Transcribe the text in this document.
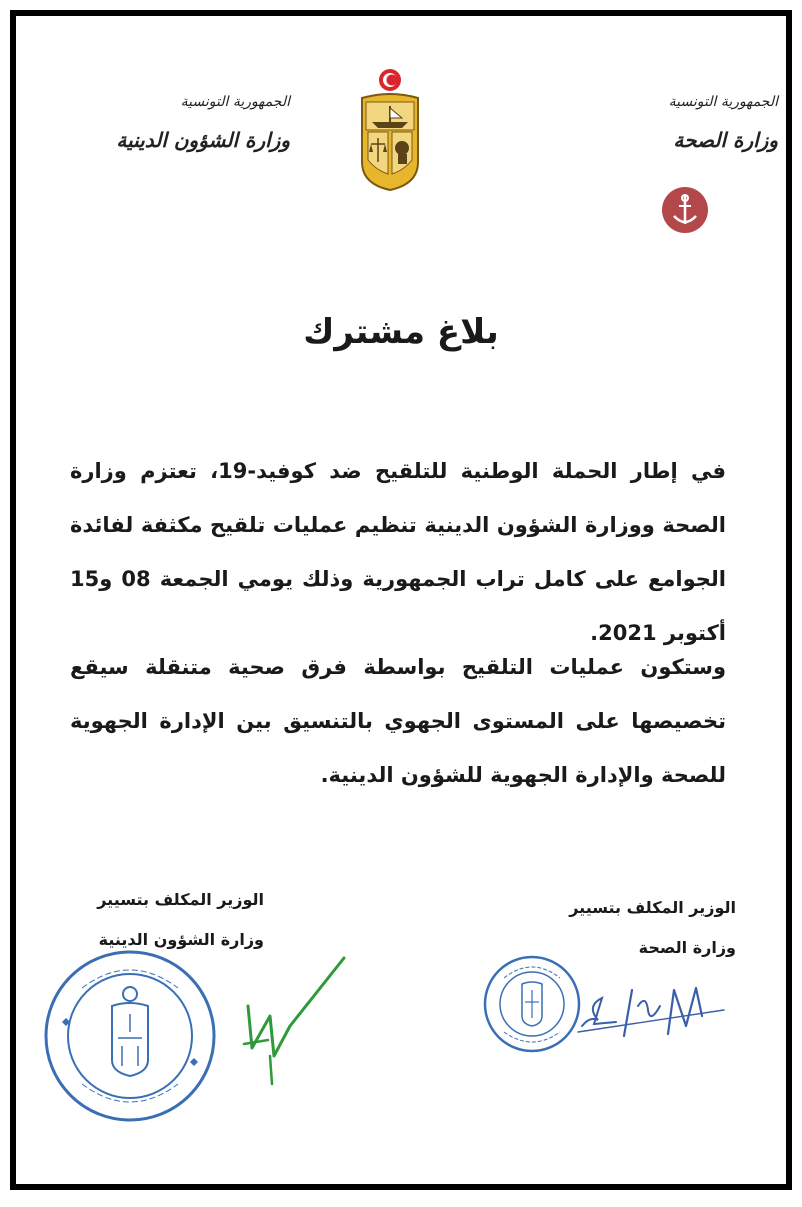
الجمهورية التونسية
وزارة الصحة
الجمهورية التونسية
وزارة الشؤون الدينية
بلاغ مشترك
في إطار الحملة الوطنية للتلقيح ضد كوفيد-19، تعتزم وزارة الصحة ووزارة الشؤون الدينية تنظيم عمليات تلقيح مكثفة لفائدة الجوامع على كامل تراب الجمهورية وذلك يومي الجمعة 08 و15 أكتوبر 2021.
وستكون عمليات التلقيح بواسطة فرق صحية متنقلة سيقع تخصيصها على المستوى الجهوي بالتنسيق بين الإدارة الجهوية للصحة والإدارة الجهوية للشؤون الدينية.
الوزير المكلف بتسيير
وزارة الصحة
الوزير المكلف بتسيير
وزارة الشؤون الدينية
